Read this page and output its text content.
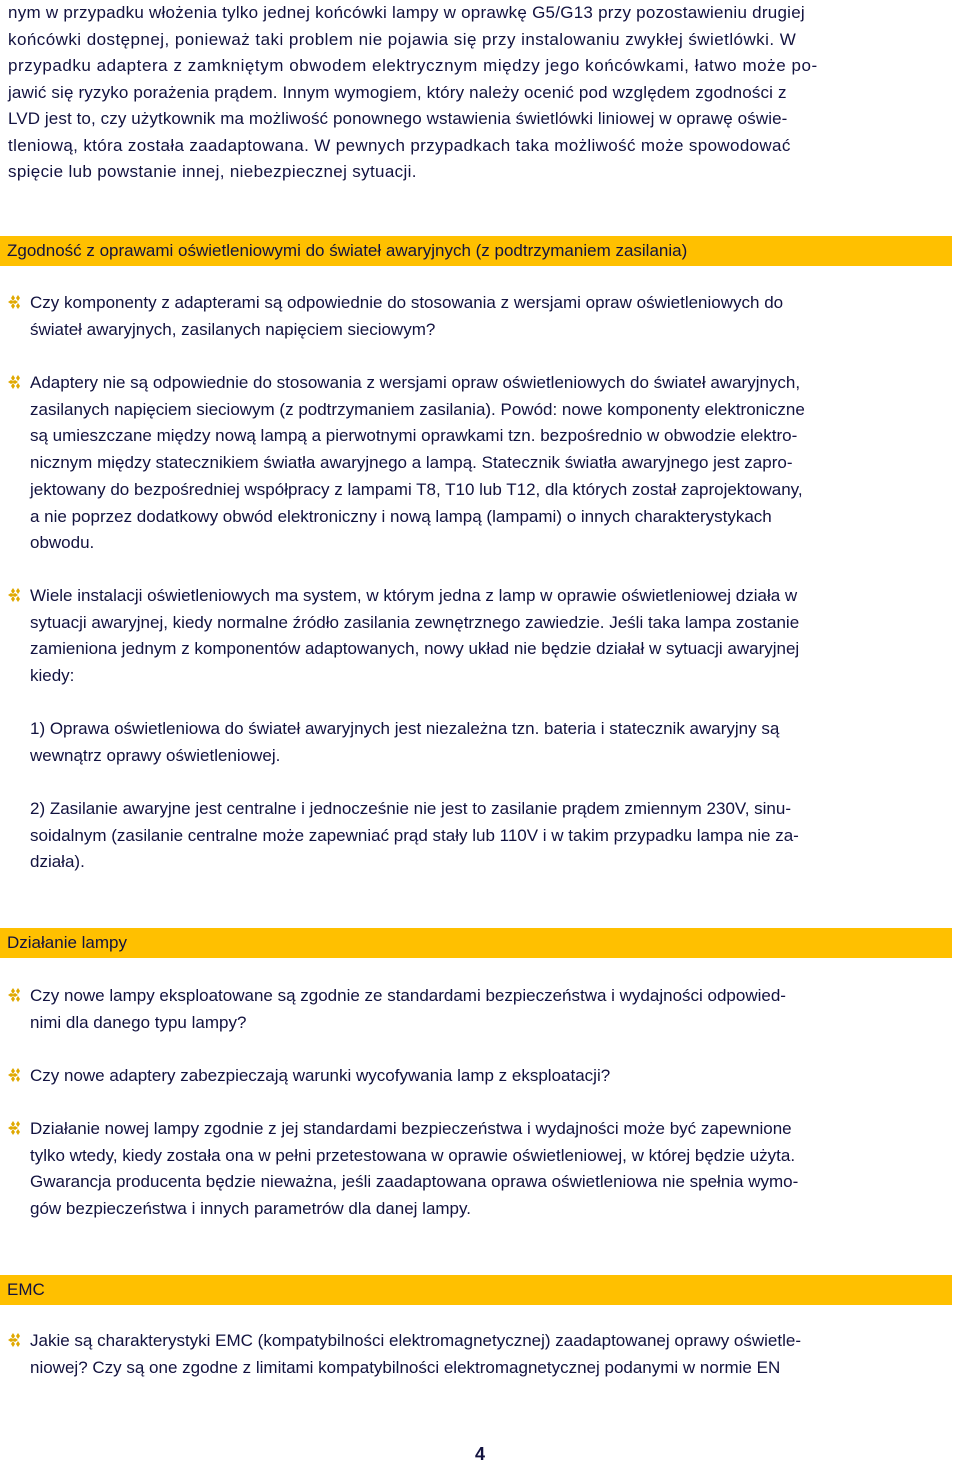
nym w przypadku włożenia tylko jednej końcówki lampy w oprawkę G5/G13 przy pozostawieniu drugiej
końcówki dostępnej, ponieważ taki problem nie pojawia się przy instalowaniu zwykłej świetlówki. W
przypadku adaptera z zamkniętym obwodem elektrycznym między jego końcówkami, łatwo może po-
jawić się ryzyko porażenia prądem. Innym wymogiem, który należy ocenić pod względem zgodności z
LVD jest to, czy użytkownik ma możliwość ponownego wstawienia świetlówki liniowej w oprawę oświe-
tleniową, która została zaadaptowana. W pewnych przypadkach taka możliwość może spowodować
spięcie lub powstanie innej, niebezpiecznej sytuacji.
Zgodność z oprawami oświetleniowymi do świateł awaryjnych (z podtrzymaniem zasilania)
Czy komponenty z adapterami są odpowiednie do stosowania z wersjami opraw oświetleniowych do
świateł awaryjnych, zasilanych napięciem sieciowym?
Adaptery nie są odpowiednie do stosowania z wersjami opraw oświetleniowych do świateł awaryjnych,
zasilanych napięciem sieciowym (z podtrzymaniem zasilania). Powód: nowe komponenty elektroniczne
są umieszczane między nową lampą a pierwotnymi oprawkami tzn. bezpośrednio w obwodzie elektro-
nicznym między statecznikiem światła awaryjnego a lampą. Statecznik światła awaryjnego jest zapro-
jektowany do bezpośredniej współpracy z lampami T8, T10 lub T12, dla których został zaprojektowany,
a nie poprzez dodatkowy obwód elektroniczny i nową lampą (lampami) o innych charakterystykach
obwodu.
Wiele instalacji oświetleniowych ma system, w którym jedna z lamp w oprawie oświetleniowej działa w
sytuacji awaryjnej, kiedy normalne źródło zasilania zewnętrznego zawiedzie. Jeśli taka lampa zostanie
zamieniona jednym z komponentów adaptowanych, nowy układ nie będzie działał w sytuacji awaryjnej
kiedy:
1) Oprawa oświetleniowa do świateł awaryjnych jest niezależna tzn. bateria i statecznik awaryjny są
wewnątrz oprawy oświetleniowej.
2) Zasilanie awaryjne jest centralne i jednocześnie nie jest to zasilanie prądem zmiennym 230V, sinu-
soidalnym (zasilanie centralne może zapewniać prąd stały lub 110V i w takim przypadku lampa nie za-
działa).
Działanie lampy
Czy nowe lampy eksploatowane są zgodnie ze standardami bezpieczeństwa i wydajności odpowied-
nimi dla danego typu lampy?
Czy nowe adaptery zabezpieczają warunki wycofywania lamp z eksploatacji?
Działanie nowej lampy zgodnie z jej standardami bezpieczeństwa i wydajności może być zapewnione
tylko wtedy, kiedy została ona w pełni przetestowana w oprawie oświetleniowej, w której będzie użyta.
Gwarancja producenta będzie nieważna, jeśli zaadaptowana oprawa oświetleniowa nie spełnia wymo-
gów bezpieczeństwa i innych parametrów dla danej lampy.
EMC
Jakie są charakterystyki EMC (kompatybilności elektromagnetycznej) zaadaptowanej oprawy oświetle-
niowej? Czy są one zgodne z limitami kompatybilności elektromagnetycznej podanymi w normie EN
4
